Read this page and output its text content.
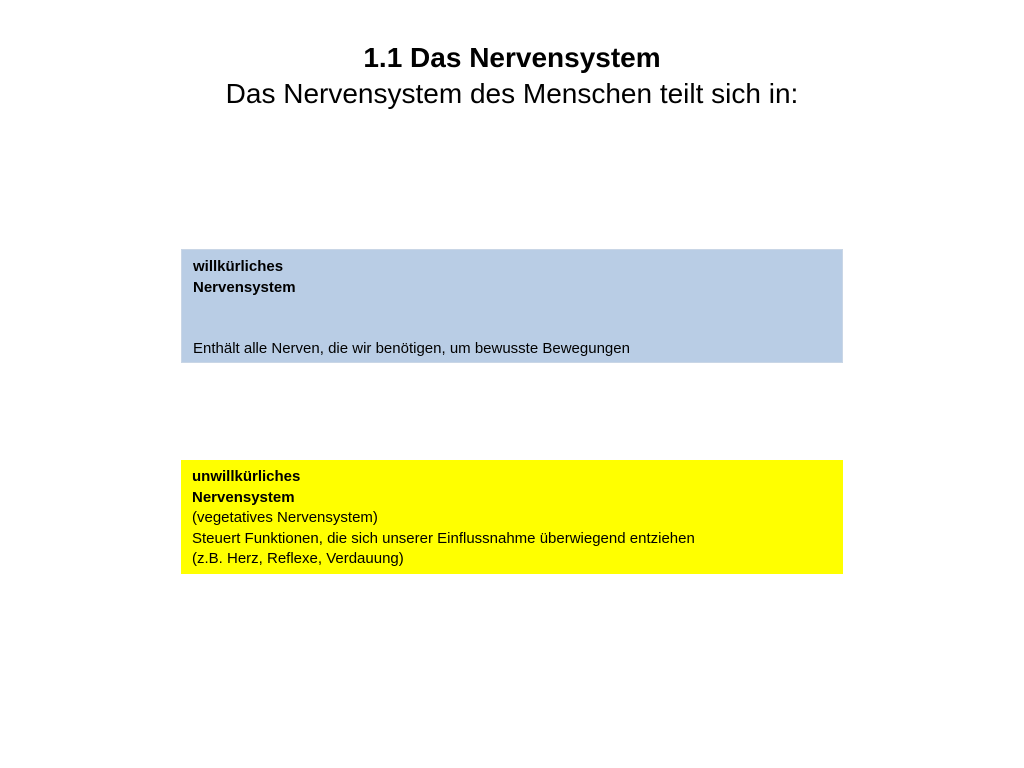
1.1 Das Nervensystem

Das Nervensystem des Menschen teilt sich in:

willkürliches
Nervensystem
Enthält alle Nerven, die wir benötigen, um bewusste Bewegungen
unwillkürliches
Nervensystem
(vegetatives Nervensystem)
Steuert Funktionen, die sich unserer Einflussnahme überwiegend entziehen
(z.B. Herz, Reflexe, Verdauung)
